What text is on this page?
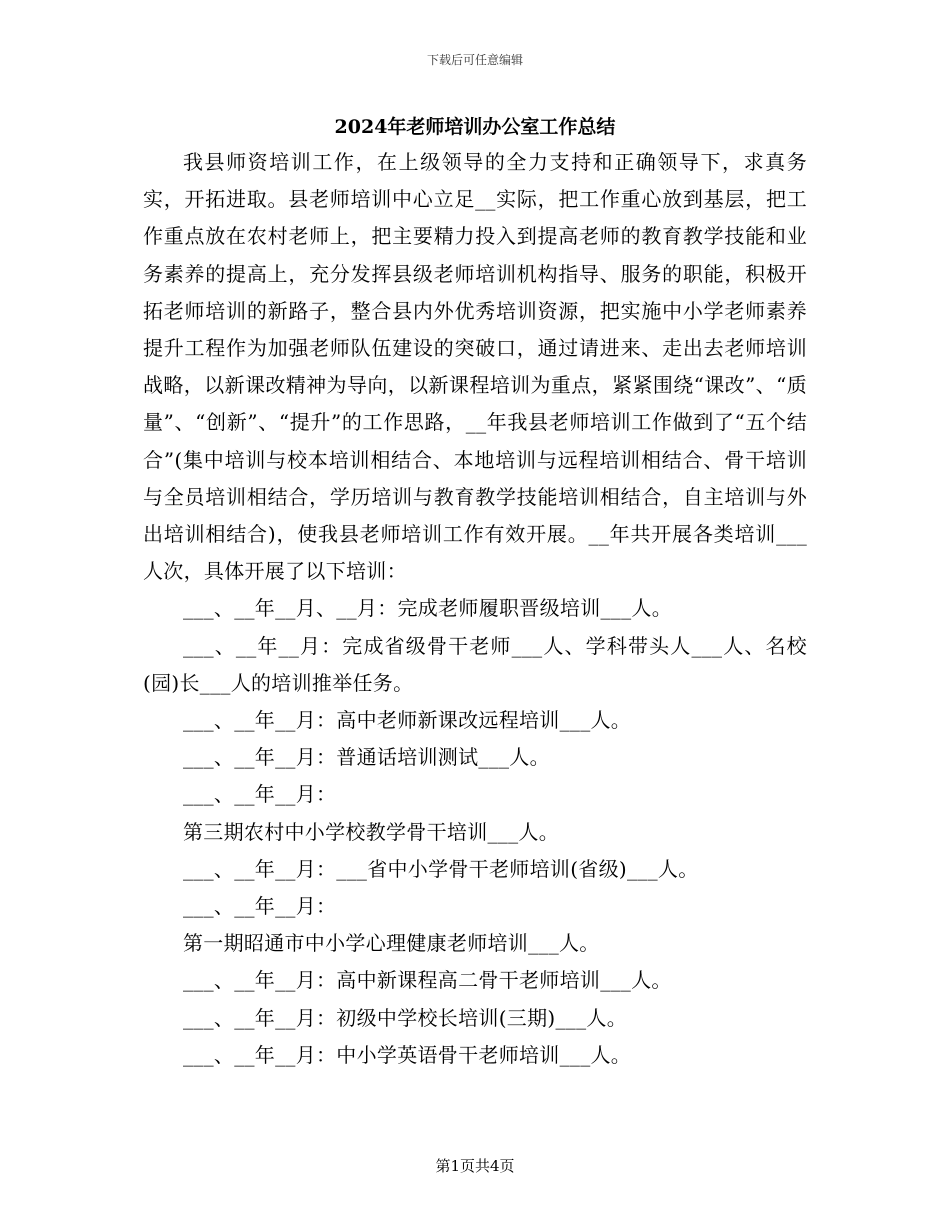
下载后可任意编辑
2024年老师培训办公室工作总结

我县师资培训工作，在上级领导的全力支持和正确领导下，求真务实，开拓进取。县老师培训中心立足__实际，把工作重心放到基层，把工作重点放在农村老师上，把主要精力投入到提高老师的教育教学技能和业务素养的提高上，充分发挥县级老师培训机构指导、服务的职能，积极开拓老师培训的新路子，整合县内外优秀培训资源，把实施中小学老师素养提升工程作为加强老师队伍建设的突破口，通过请进来、走出去老师培训战略，以新课改精神为导向，以新课程培训为重点，紧紧围绕“课改”、“质量”、“创新”、“提升”的工作思路，__年我县老师培训工作做到了“五个结合”(集中培训与校本培训相结合、本地培训与远程培训相结合、骨干培训与全员培训相结合，学历培训与教育教学技能培训相结合，自主培训与外出培训相结合)，使我县老师培训工作有效开展。__年共开展各类培训___人次，具体开展了以下培训：

___、__年__月、__月：完成老师履职晋级培训___人。

___、__年__月：完成省级骨干老师___人、学科带头人___人、名校(园)长___人的培训推举任务。

___、__年__月：高中老师新课改远程培训___人。

___、__年__月：普通话培训测试___人。

___、__年__月：

第三期农村中小学校教学骨干培训___人。

___、__年__月：___省中小学骨干老师培训(省级)___人。

___、__年__月：

第一期昭通市中小学心理健康老师培训___人。

___、__年__月：高中新课程高二骨干老师培训___人。

___、__年__月：初级中学校长培训(三期)___人。

___、__年__月：中小学英语骨干老师培训___人。

第1页共4页
